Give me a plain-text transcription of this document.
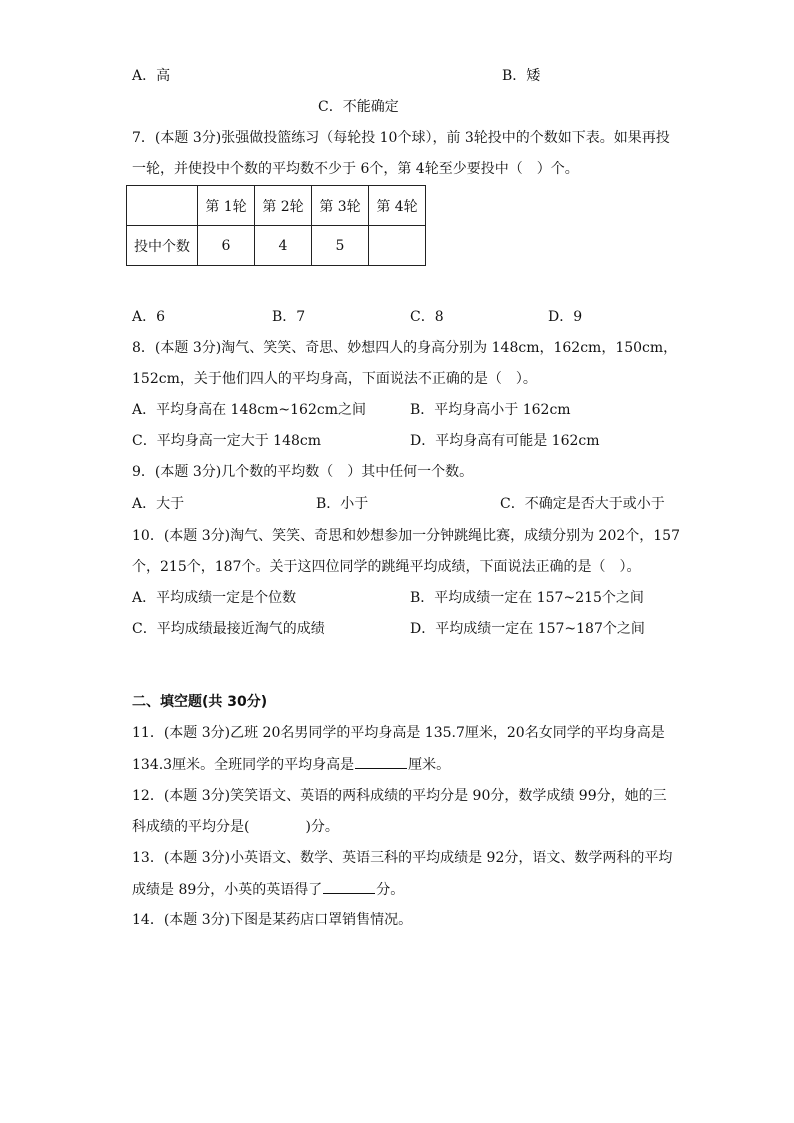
A．高	B．矮
C．不能确定
7．(本题 3分)张强做投篮练习（每轮投 10个球），前 3轮投中的个数如下表。如果再投
一轮，并使投中个数的平均数不少于 6个，第 4轮至少要投中（　）个。
	第 1轮	第 2轮	第 3轮	第 4轮
投中个数	6	4	5	
A．6	B．7	C．8	D．9
8．(本题 3分)淘气、笑笑、奇思、妙想四人的身高分别为 148cm，162cm，150cm，
152cm，关于他们四人的平均身高，下面说法不正确的是（　）。
A．平均身高在 148cm~162cm之间	B．平均身高小于 162cm
C．平均身高一定大于 148cm	D．平均身高有可能是 162cm
9．(本题 3分)几个数的平均数（　）其中任何一个数。
A．大于	B．小于	C．不确定是否大于或小于
10．(本题 3分)淘气、笑笑、奇思和妙想参加一分钟跳绳比赛，成绩分别为 202个，157
个，215个，187个。关于这四位同学的跳绳平均成绩，下面说法正确的是（　）。
A．平均成绩一定是个位数	B．平均成绩一定在 157~215个之间
C．平均成绩最接近淘气的成绩	D．平均成绩一定在 157~187个之间
二、填空题(共 30分)
11．(本题 3分)乙班 20名男同学的平均身高是 135.7厘米，20名女同学的平均身高是
134.3厘米。全班同学的平均身高是	厘米。
12．(本题 3分)笑笑语文、英语的两科成绩的平均分是 90分，数学成绩 99分，她的三
科成绩的平均分是(	)分。
13．(本题 3分)小英语文、数学、英语三科的平均成绩是 92分，语文、数学两科的平均
成绩是 89分，小英的英语得了	分。
14．(本题 3分)下图是某药店口罩销售情况。
